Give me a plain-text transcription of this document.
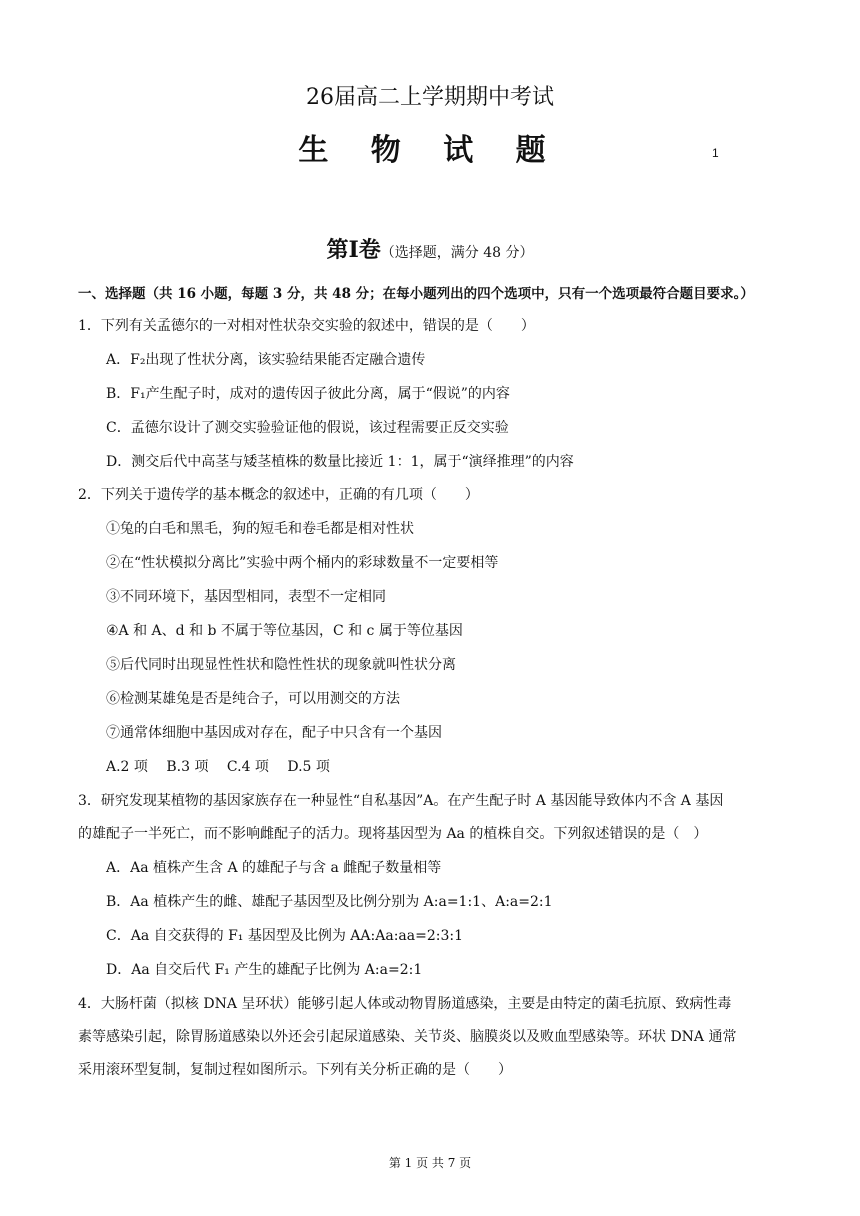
26届高二上学期期中考试
生 物 试 题	1
第Ⅰ卷（选择题，满分 48 分）
一、选择题（共 16 小题，每题 3 分，共 48 分；在每小题列出的四个选项中，只有一个选项最符合题目要求。）
1．下列有关孟德尔的一对相对性状杂交实验的叙述中，错误的是（　　）
A．F₂出现了性状分离，该实验结果能否定融合遗传
B．F₁产生配子时，成对的遗传因子彼此分离，属于“假说”的内容
C．孟德尔设计了测交实验验证他的假说，该过程需要正反交实验
D．测交后代中高茎与矮茎植株的数量比接近 1：1，属于“演绎推理”的内容
2．下列关于遗传学的基本概念的叙述中，正确的有几项（　　）
①兔的白毛和黑毛，狗的短毛和卷毛都是相对性状
②在“性状模拟分离比”实验中两个桶内的彩球数量不一定要相等
③不同环境下，基因型相同，表型不一定相同
④A 和 A、d 和 b 不属于等位基因，C 和 c 属于等位基因
⑤后代同时出现显性性状和隐性性状的现象就叫性状分离
⑥检测某雄兔是否是纯合子，可以用测交的方法
⑦通常体细胞中基因成对存在，配子中只含有一个基因
A.2 项　 B.3 项　 C.4 项　 D.5 项
3．研究发现某植物的基因家族存在一种显性“自私基因”A。在产生配子时 A 基因能导致体内不含 A 基因
的雄配子一半死亡，而不影响雌配子的活力。现将基因型为 Aa 的植株自交。下列叙述错误的是（　）
A．Aa 植株产生含 A 的雄配子与含 a 雌配子数量相等
B．Aa 植株产生的雌、雄配子基因型及比例分别为 A:a=1:1、A:a=2:1
C．Aa 自交获得的 F₁ 基因型及比例为 AA:Aa:aa=2:3:1
D．Aa 自交后代 F₁ 产生的雄配子比例为 A:a=2:1
4．大肠杆菌（拟核 DNA 呈环状）能够引起人体或动物胃肠道感染，主要是由特定的菌毛抗原、致病性毒
素等感染引起，除胃肠道感染以外还会引起尿道感染、关节炎、脑膜炎以及败血型感染等。环状 DNA 通常
采用滚环型复制，复制过程如图所示。下列有关分析正确的是（　　）
第 1 页 共 7 页
